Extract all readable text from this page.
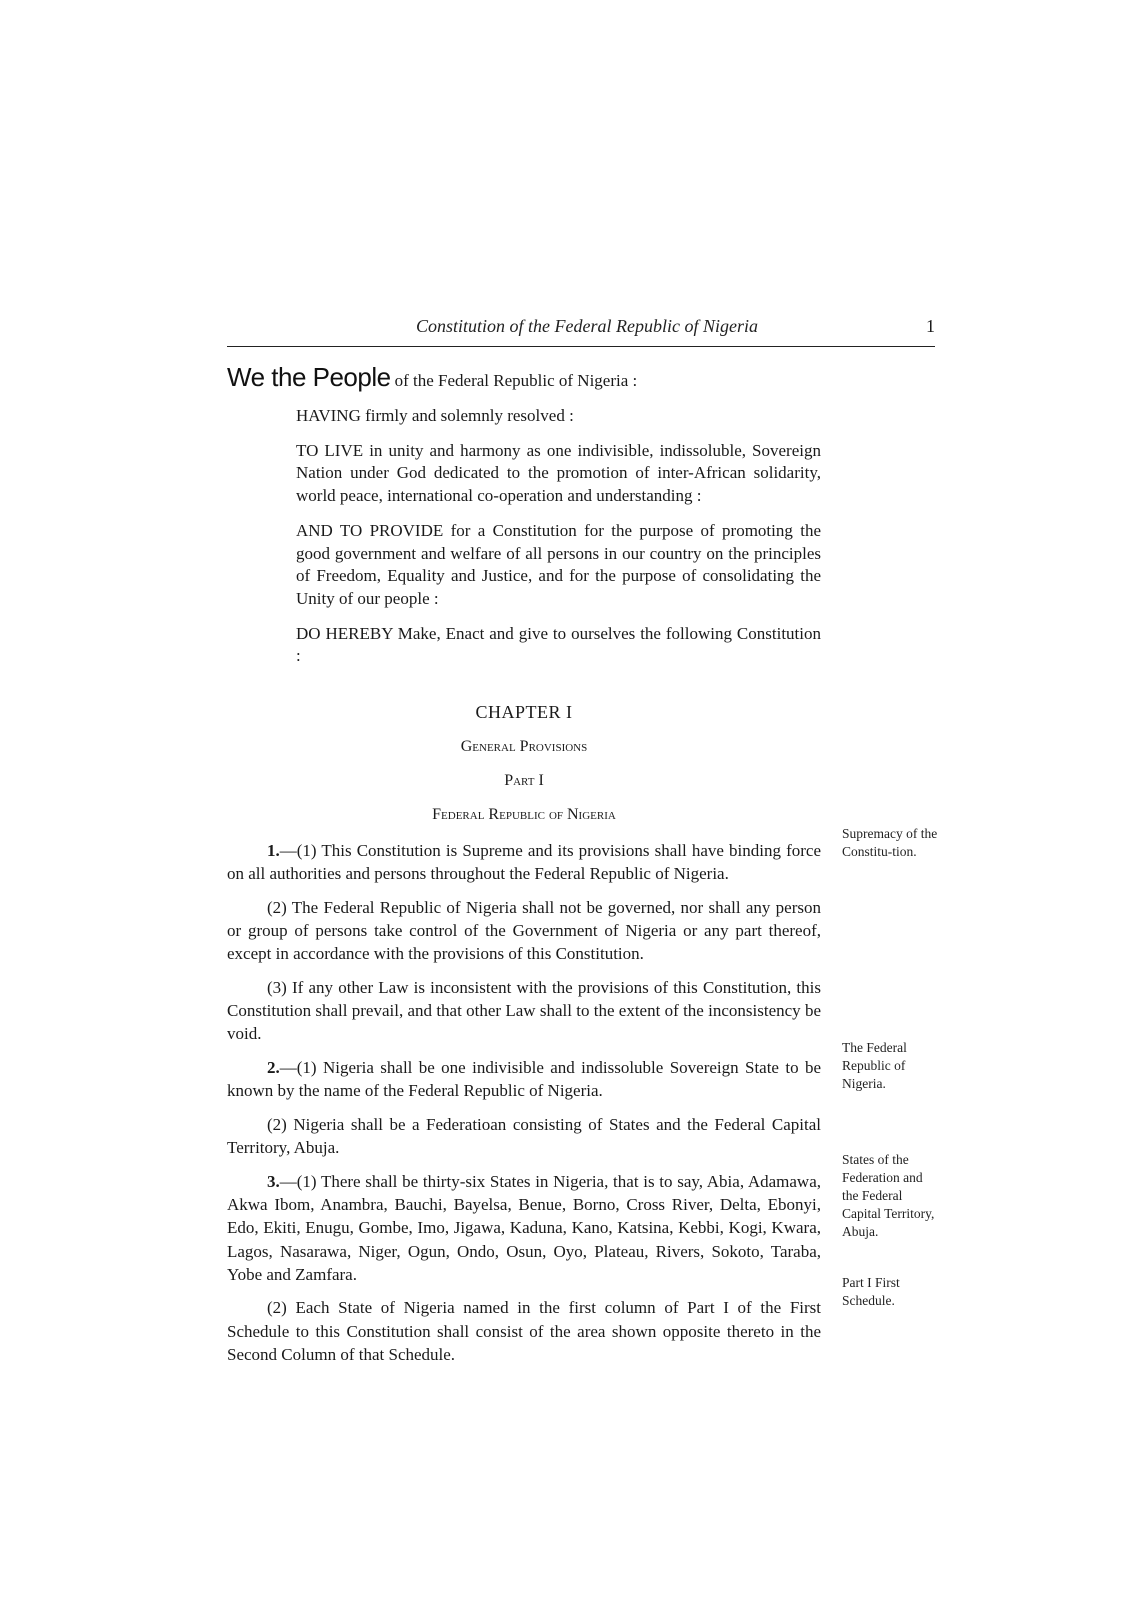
Constitution of the Federal Republic of Nigeria	1
We the People of the Federal Republic of Nigeria :

HAVING firmly and solemnly resolved :

TO LIVE in unity and harmony as one indivisible, indissoluble, Sovereign Nation under God dedicated to the promotion of inter-African solidarity, world peace, international co-operation and understanding :

AND TO PROVIDE for a Constitution for the purpose of promoting the good government and welfare of all persons in our country on the principles of Freedom, Equality and Justice, and for the purpose of consolidating the Unity of our people :

DO HEREBY Make, Enact and give to ourselves the following Constitution :

CHAPTER I
General Provisions
Part I
Federal Republic of Nigeria

1.—(1) This Constitution is Supreme and its provisions shall have binding force on all authorities and persons throughout the Federal Republic of Nigeria.

(2) The Federal Republic of Nigeria shall not be governed, nor shall any person or group of persons take control of the Government of Nigeria or any part thereof, except in accordance with the provisions of this Constitution.

(3) If any other Law is inconsistent with the provisions of this Constitution, this Constitution shall prevail, and that other Law shall to the extent of the inconsistency be void.

2.—(1) Nigeria shall be one indivisible and indissoluble Sovereign State to be known by the name of the Federal Republic of Nigeria.

(2) Nigeria shall be a Federatioan consisting of States and the Federal Capital Territory, Abuja.

3.—(1) There shall be thirty-six States in Nigeria, that is to say, Abia, Adamawa, Akwa Ibom, Anambra, Bauchi, Bayelsa, Benue, Borno, Cross River, Delta, Ebonyi, Edo, Ekiti, Enugu, Gombe, Imo, Jigawa, Kaduna, Kano, Katsina, Kebbi, Kogi, Kwara, Lagos, Nasarawa, Niger, Ogun, Ondo, Osun, Oyo, Plateau, Rivers, Sokoto, Taraba, Yobe and Zamfara.

(2) Each State of Nigeria named in the first column of Part I of the First Schedule to this Constitution shall consist of the area shown opposite thereto in the Second Column of that Schedule.

Supremacy of the Constitu-tion.
The Federal Republic of Nigeria.
States of the Federation and the Federal Capital Territory, Abuja.
Part I First Schedule.
